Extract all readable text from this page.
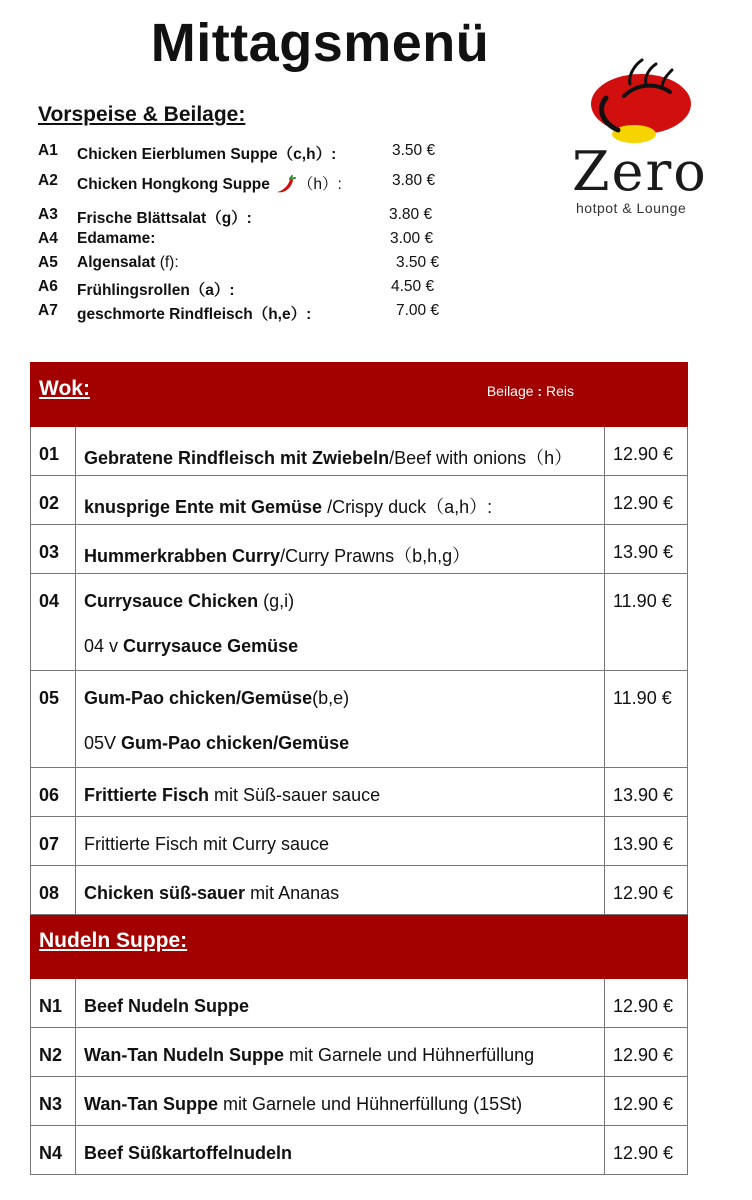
Mittagsmenü
Zero
hotpot & Lounge
Vorspeise & Beilage:
A1 Chicken Eierblumen Suppe（c,h）:	3.50 €
A2 Chicken Hongkong Suppe （h）:	3.80 €
A3 Frische Blättsalat（g）:	3.80 €
A4 Edamame:	3.00 €
A5 Algensalat (f):	3.50 €
A6 Frühlingsrollen（a）:	4.50 €
A7 geschmorte Rindfleisch（h,e）:	7.00 €
Wok: Beilage : Reis		

01	Gebratene Rindfleisch mit Zwiebeln/Beef with onions（h）	12.90 €
02	knusprige Ente mit Gemüse /Crispy duck（a,h）:	12.90 €
03	Hummerkrabben Curry/Curry Prawns（b,h,g）	13.90 €
04	Currysauce Chicken (g,i)
04 v Currysauce Gemüse	11.90 €
05	Gum-Pao chicken/Gemüse(b,e)
05V Gum-Pao chicken/Gemüse	11.90 €
06	Frittierte Fisch mit Süß-sauer sauce	13.90 €
07	Frittierte Fisch mit Curry sauce	13.90 €
08	Chicken süß-sauer mit Ananas	12.90 €
Nudeln Suppe:		
N1	Beef Nudeln Suppe	12.90 €
N2	Wan-Tan Nudeln Suppe mit Garnele und Hühnerfüllung	12.90 €
N3	Wan-Tan Suppe mit Garnele und Hühnerfüllung (15St)	12.90 €
N4	Beef Süßkartoffelnudeln	12.90 €
